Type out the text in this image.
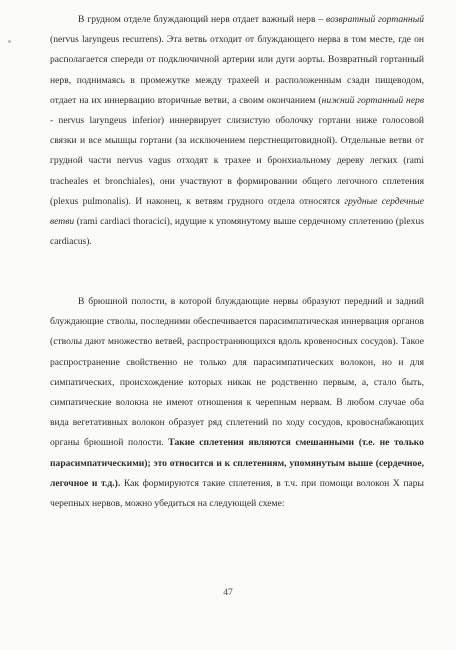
В грудном отделе блуждающий нерв отдает важный нерв – возвратный гортанный (nervus laryngeus recurrens). Эта ветвь отходит от блуждающего нерва в том месте, где он располагается спереди от подключичной артерии или дуги аорты. Возвратный гортанный нерв, поднимаясь в промежутке между трахеей и расположенным сзади пищеводом, отдает на их иннервацию вторичные ветви, а своим окончанием (нижний гортанный нерв - nervus laryngeus inferior) иннервирует слизистую оболочку гортани ниже голосовой связки и все мышцы гортани (за исключением перстнещитовидной). Отдельные ветви от грудной части nervus vagus отходят к трахее и бронхиальному дереву легких (rami tracheales et bronchiales), они участвуют в формировании общего легочного сплетения (plexus pulmonalis). И наконец, к ветвям грудного отдела относятся грудные сердечные ветви (rami cardiaci thoracici), идущие к упомянутому выше сердечному сплетению (plexus cardiacus).

В брюшной полости, в которой блуждающие нервы образуют передний и задний блуждающие стволы, последними обеспечивается парасимпатическая иннервация органов (стволы дают множество ветвей, распространяющихся вдоль кровеносных сосудов). Такое распространение свойственно не только для парасимпатических волокон, но и для симпатических, происхождение которых никак не родственно первым, а, стало быть, симпатические волокна не имеют отношения к черепным нервам. В любом случае оба вида вегетативных волокон образует ряд сплетений по ходу сосудов, кровоснабжающих органы брюшной полости. Такие сплетения являются смешанными (т.е. не только парасимпатическими); это относится и к сплетениям, упомянутым выше (сердечное, легочное и т.д.). Как формируются такие сплетения, в т.ч. при помощи волокон X пары черепных нервов, можно убедиться на следующей схеме:

47
